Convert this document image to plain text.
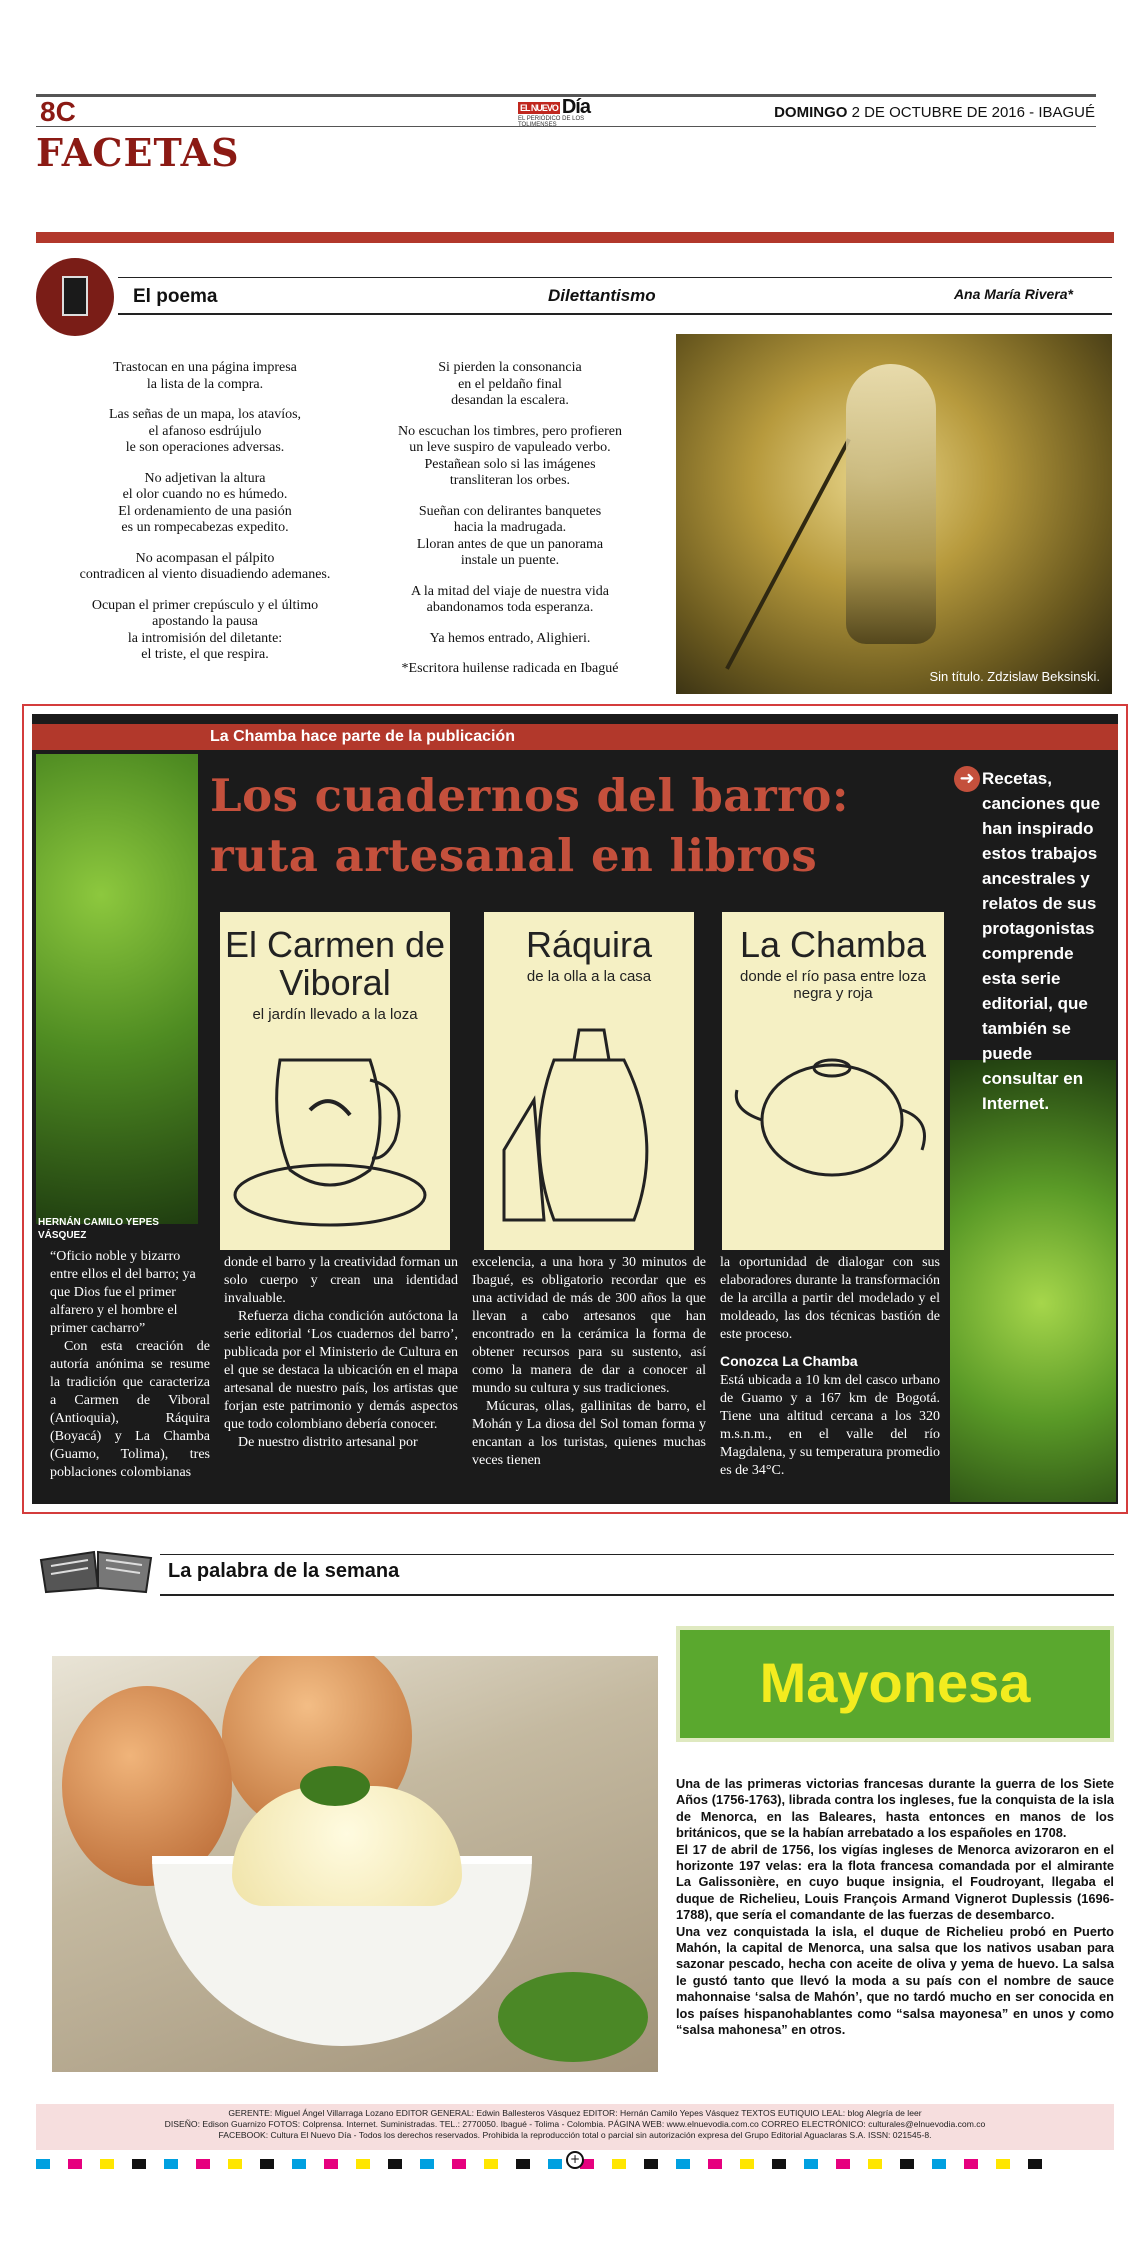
8C	EL NUEVO Día
EL PERIÓDICO DE LOS TOLIMENSES
DOMINGO 2 DE OCTUBRE DE 2016 - IBAGUÉ
FACETAS
El poema	Dilettantismo	Ana María Rivera*

Trastocan en una página impresa
la lista de la compra.

Las señas de un mapa, los atavíos,
el afanoso esdrújulo
le son operaciones adversas.

No adjetivan la altura
el olor cuando no es húmedo.
El ordenamiento de una pasión
es un rompecabezas expedito.

No acompasan el pálpito
contradicen al viento disuadiendo ademanes.

Ocupan el primer crepúsculo y el último
apostando la pausa
la intromisión del diletante:
el triste, el que respira.

Si pierden la consonancia
en el peldaño final
desandan la escalera.

No escuchan los timbres, pero profieren
un leve suspiro de vapuleado verbo.
Pestañean solo si las imágenes
transliteran los orbes.

Sueñan con delirantes banquetes
hacia la madrugada.
Lloran antes de que un panorama
instale un puente.

A la mitad del viaje de nuestra vida
abandonamos toda esperanza.

Ya hemos entrado, Alighieri.

*Escritora huilense radicada en Ibagué

Sin título. Zdzislaw Beksinski.
La Chamba hace parte de la publicación
Los cuadernos del barro:
ruta artesanal en libros
➜ Recetas, canciones que han inspirado estos trabajos ancestrales y relatos de sus protagonistas comprende esta serie editorial, que también se puede consultar en Internet.
El Carmen de Viboral
el jardín llevado a la loza
Ráquira
de la olla a la casa
La Chamba
donde el río pasa entre loza negra y roja
HERNÁN CAMILO YEPES VÁSQUEZ

“Oficio noble y bizarro entre ellos el del barro; ya que Dios fue el primer alfarero y el hombre el primer cacharro”

Con esta creación de autoría anónima se resume la tradición que caracteriza a Carmen de Viboral (Antioquia), Ráquira (Boyacá) y La Chamba (Guamo, Tolima), tres poblaciones colombianas

donde el barro y la creatividad forman un solo cuerpo y crean una identidad invaluable.

Refuerza dicha condición autóctona la serie editorial ‘Los cuadernos del barro’, publicada por el Ministerio de Cultura en el que se destaca la ubicación en el mapa artesanal de nuestro país, los artistas que forjan este patrimonio y demás aspectos que todo colombiano debería conocer.

De nuestro distrito artesanal por

excelencia, a una hora y 30 minutos de Ibagué, es obligatorio recordar que es una actividad de más de 300 años la que llevan a cabo artesanos que han encontrado en la cerámica la forma de obtener recursos para su sustento, así como la manera de dar a conocer al mundo su cultura y sus tradiciones.

Múcuras, ollas, gallinitas de barro, el Mohán y La diosa del Sol toman forma y encantan a los turistas, quienes muchas veces tienen

la oportunidad de dialogar con sus elaboradores durante la transformación de la arcilla a partir del modelado y el moldeado, las dos técnicas bastión de este proceso.

Conozca La Chamba

Está ubicada a 10 km del casco urbano de Guamo y a 167 km de Bogotá. Tiene una altitud cercana a los 320 m.s.n.m., en el valle del río Magdalena, y su temperatura promedio es de 34°C.

La palabra de la semana
Mayonesa

Una de las primeras victorias francesas durante la guerra de los Siete Años (1756-1763), librada contra los ingleses, fue la conquista de la isla de Menorca, en las Baleares, hasta entonces en manos de los británicos, que se la habían arrebatado a los españoles en 1708.

El 17 de abril de 1756, los vigías ingleses de Menorca avizoraron en el horizonte 197 velas: era la flota francesa comandada por el almirante La Galissonière, en cuyo buque insignia, el Foudroyant, llegaba el duque de Richelieu, Louis François Armand Vignerot Duplessis (1696-1788), que sería el comandante de las fuerzas de desembarco.

Una vez conquistada la isla, el duque de Richelieu probó en Puerto Mahón, la capital de Menorca, una salsa que los nativos usaban para sazonar pescado, hecha con aceite de oliva y yema de huevo. La salsa le gustó tanto que llevó la moda a su país con el nombre de sauce mahonnaise ‘salsa de Mahón’, que no tardó mucho en ser conocida en los países hispanohablantes como “salsa mayonesa” en unos y como “salsa mahonesa” en otros.

GERENTE: Miguel Ángel Villarraga Lozano EDITOR GENERAL: Edwin Ballesteros Vásquez EDITOR: Hernán Camilo Yepes Vásquez TEXTOS EUTIQUIO LEAL: blog Alegría de leer
DISEÑO: Edison Guarnizo FOTOS: Colprensa. Internet. Suministradas. TEL.: 2770050. Ibagué - Tolima - Colombia. PÁGINA WEB: www.elnuevodia.com.co CORREO ELECTRÓNICO: culturales@elnuevodia.com.co
FACEBOOK: Cultura El Nuevo Día - Todos los derechos reservados. Prohibida la reproducción total o parcial sin autorización expresa del Grupo Editorial Aguaclaras S.A. ISSN: 021545-8.
+
